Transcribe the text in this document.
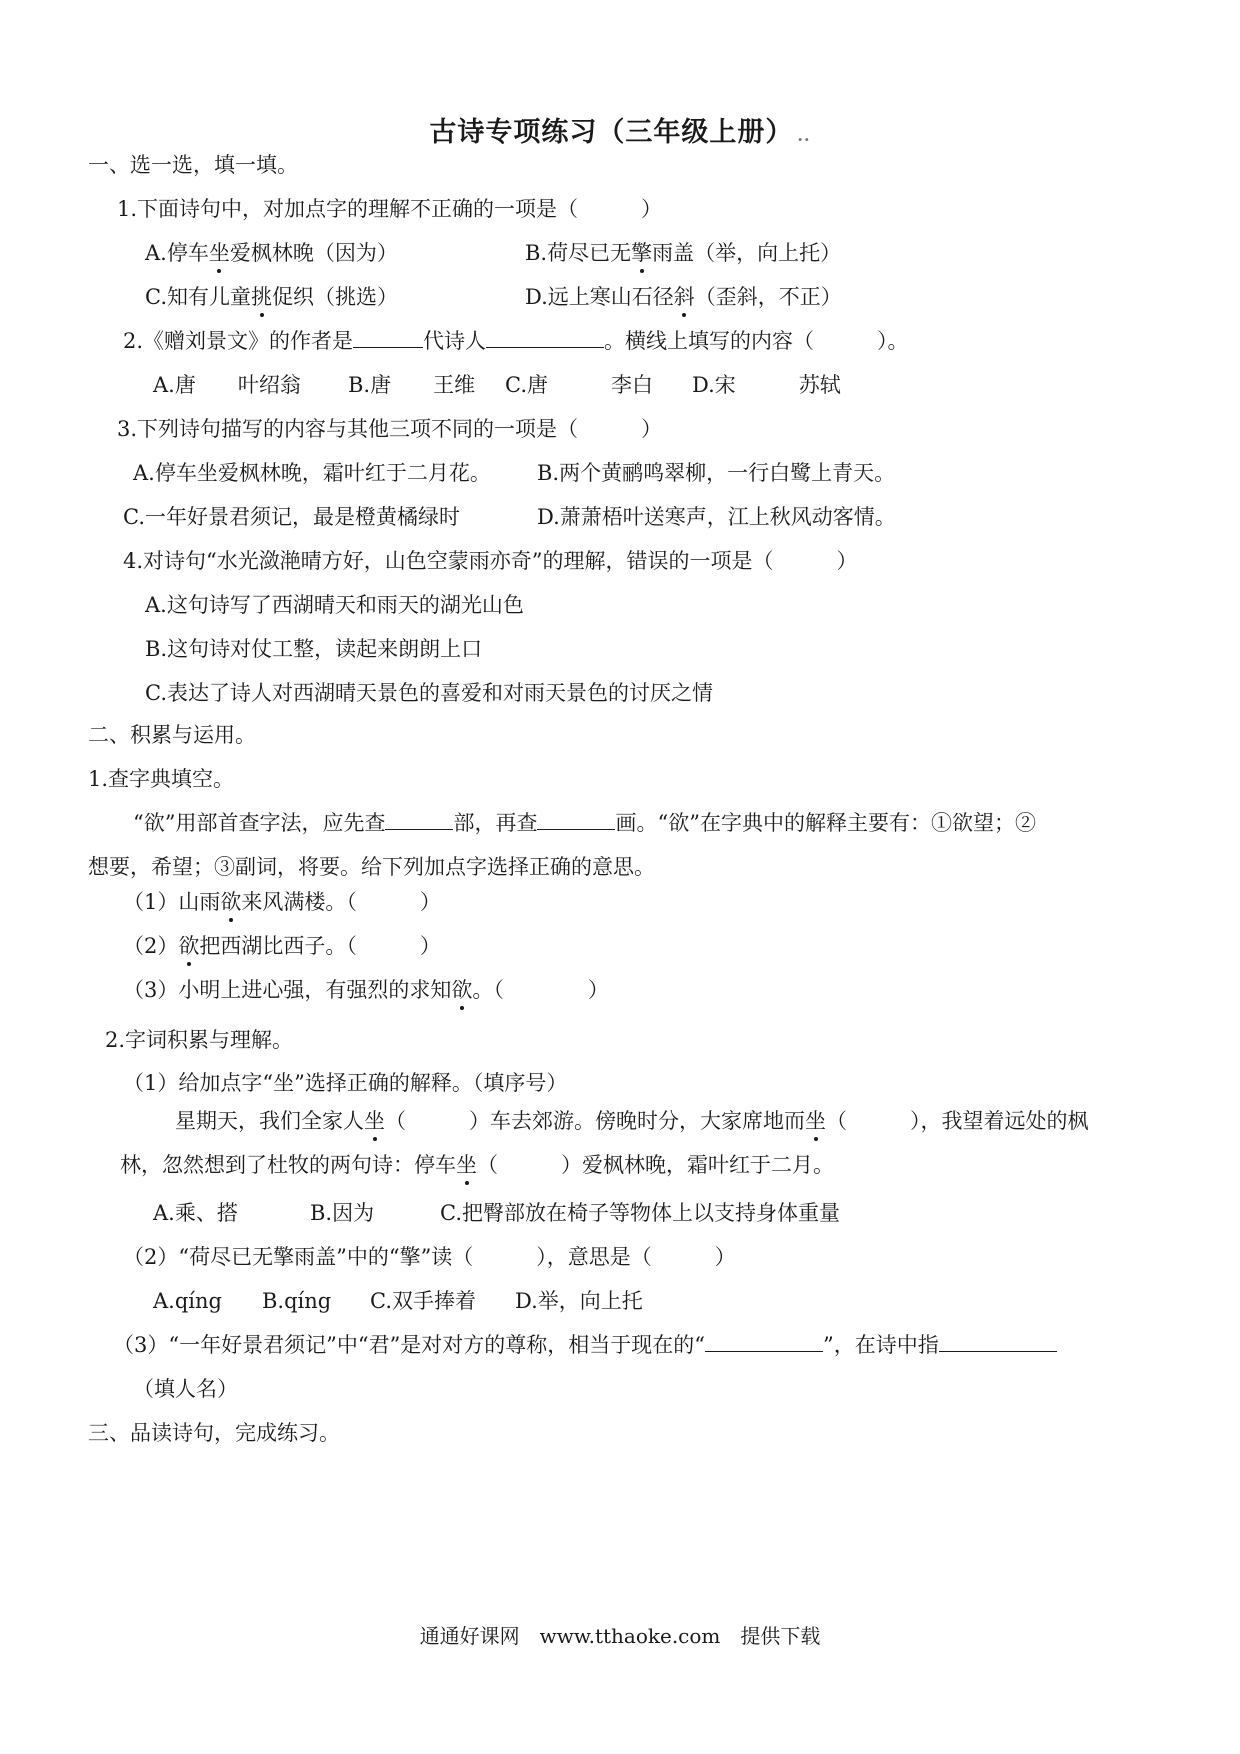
古诗专项练习（三年级上册） ..
一、选一选，填一填。
1.下面诗句中，对加点字的理解不正确的一项是（　　　）
A.停车坐爱枫林晚（因为）	B.荷尽已无擎雨盖（举，向上托）
C.知有儿童挑促织（挑选）	D.远上寒山石径斜（歪斜，不正）
2.《赠刘景文》的作者是	代诗人	。横线上填写的内容（　　　）。
A.唐　　叶绍翁 B.唐　　王维 C.唐　　　李白 D.宋　　　苏轼
3.下列诗句描写的内容与其他三项不同的一项是（　　　）
A.停车坐爱枫林晚，霜叶红于二月花。 B.两个黄鹂鸣翠柳，一行白鹭上青天。
C.一年好景君须记，最是橙黄橘绿时	D.萧萧梧叶送寒声，江上秋风动客情。
4.对诗句“水光潋滟晴方好，山色空蒙雨亦奇”的理解，错误的一项是（　　　）
A.这句诗写了西湖晴天和雨天的湖光山色
B.这句诗对仗工整，读起来朗朗上口
C.表达了诗人对西湖晴天景色的喜爱和对雨天景色的讨厌之情
二、积累与运用。
1.查字典填空。
“欲”用部首查字法，应先查	部，再查	画。“欲”在字典中的解释主要有：①欲望；②
想要，希望；③副词，将要。给下列加点字选择正确的意思。
（1）山雨欲来风满楼。（　　　）
（2）欲把西湖比西子。（　　　）
（3）小明上进心强，有强烈的求知欲。（　　　　）
2.字词积累与理解。
（1）给加点字“坐”选择正确的解释。（填序号）
星期天，我们全家人坐（　　　）车去郊游。傍晚时分，大家席地而坐（　　　），我望着远处的枫
林，忽然想到了杜牧的两句诗：停车坐（　　　）爱枫林晚，霜叶红于二月。
A.乘、搭	B.因为	C.把臀部放在椅子等物体上以支持身体重量
（2）“荷尽已无擎雨盖”中的“擎”读（　　　），意思是（　　　）
A.qíng B.qíng C.双手捧着 D.举，向上托
（3）“一年好景君须记”中“君”是对对方的尊称，相当于现在的“	”，在诗中指
（填人名）
三、品读诗句，完成练习。
通通好课网　www.tthaoke.com　提供下载
